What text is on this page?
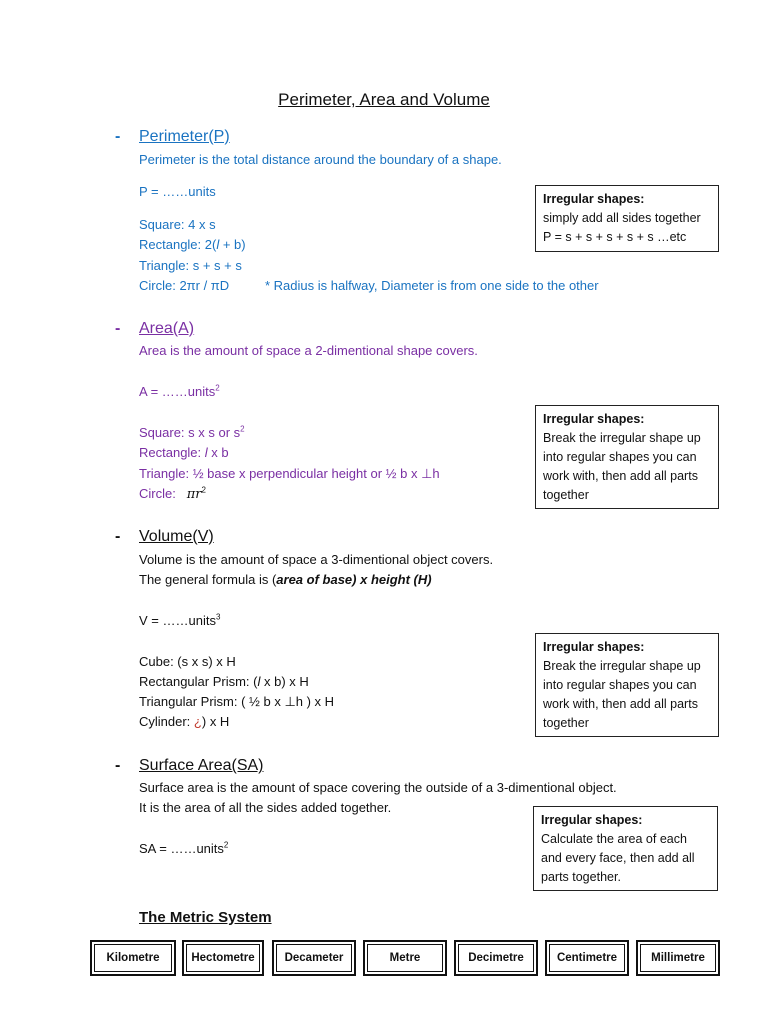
Perimeter, Area and Volume
- Perimeter(P)
Perimeter is the total distance around the boundary of a shape.
P = ……units
Square: 4 x s
Rectangle: 2(l + b)
Triangle: s + s + s
Circle: 2πr / πD	* Radius is halfway, Diameter is from one side to the other
Irregular shapes:
simply add all sides together
P = s + s + s + s + s …etc
- Area(A)
Area is the amount of space a 2-dimentional shape covers.
A = ……units$^2$
Square: s x s or $s^2$
Rectangle: l x b
Triangle: ½ base x perpendicular height or ½ b x ⊥h
Circle: $\pi r^2$
Irregular shapes:
Break the irregular shape up
into regular shapes you can
work with, then add all parts
together
- Volume(V)
Volume is the amount of space a 3-dimentional object covers.
The general formula is (area of base) x height (H)
V = ……units$^3$
Cube: (s x s) x H
Rectangular Prism: (l x b) x H
Triangular Prism: ( ½ b x ⊥h ) x H
Cylinder: ¿) x H
Irregular shapes:
Break the irregular shape up
into regular shapes you can
work with, then add all parts
together
- Surface Area(SA)
Surface area is the amount of space covering the outside of a 3-dimentional object.
It is the area of all the sides added together.
SA = ……units$^2$
Irregular shapes:
Calculate the area of each
and every face, then add all
parts together.
The Metric System
Kilometre	Hectometre	Decameter	Metre	Decimetre	Centimetre	Millimetre
